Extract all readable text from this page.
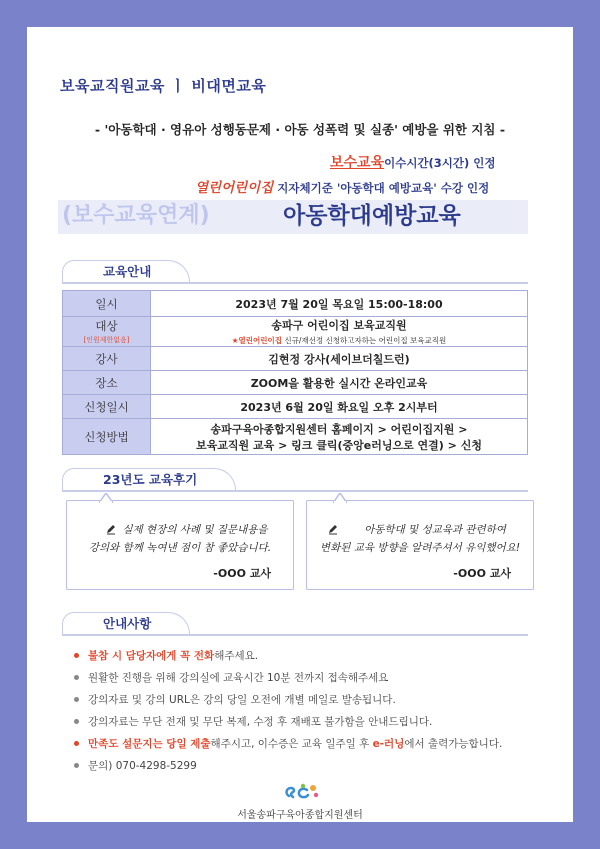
보육교직원교육 ㅣ 비대면교육
- '아동학대 · 영유아 성행동문제 · 아동 성폭력 및 실종' 예방을 위한 지침 -
보수교육이수시간(3시간) 인정
열린어린이집 지자체기준 '아동학대 예방교육' 수강 인정
(보수교육연계)	아동학대예방교육
교육안내
일시	2023년 7월 20일 목요일 15:00-18:00
대상
[인원제한없음]	송파구 어린이집 보육교직원
★열린어린이집 신규/재선정 신청하고자하는 어린이집 보육교직원

강사	김현정 강사(세이브더칠드런)
장소	ZOOM을 활용한 실시간 온라인교육
신청일시	2023년 6월 20일 화요일 오후 2시부터
신청방법	송파구육아종합지원센터 홈페이지 > 어린이집지원 >
보육교직원 교육 > 링크 클릭(중앙e러닝으로 연결) > 신청
23년도 교육후기
실제 현장의 사례 및 질문내용을
강의와 함께 녹여낸 점이 참 좋았습니다.
-OOO 교사
아동학대 및 성교육과 관련하여
변화된 교육 방향을 알려주셔서 유익했어요!
-OOO 교사
안내사항
불참 시 담당자에게 꼭 전화해주세요.
원활한 진행을 위해 강의실에 교육시간 10분 전까지 접속해주세요
강의자료 및 강의 URL은 강의 당일 오전에 개별 메일로 발송됩니다.
강의자료는 무단 전재 및 무단 복제, 수정 후 재배포 불가함을 안내드립니다.
만족도 설문지는 당일 제출해주시고, 이수증은 교육 일주일 후 e-러닝에서 출력가능합니다.
문의) 070-4298-5299
서울송파구육아종합지원센터
